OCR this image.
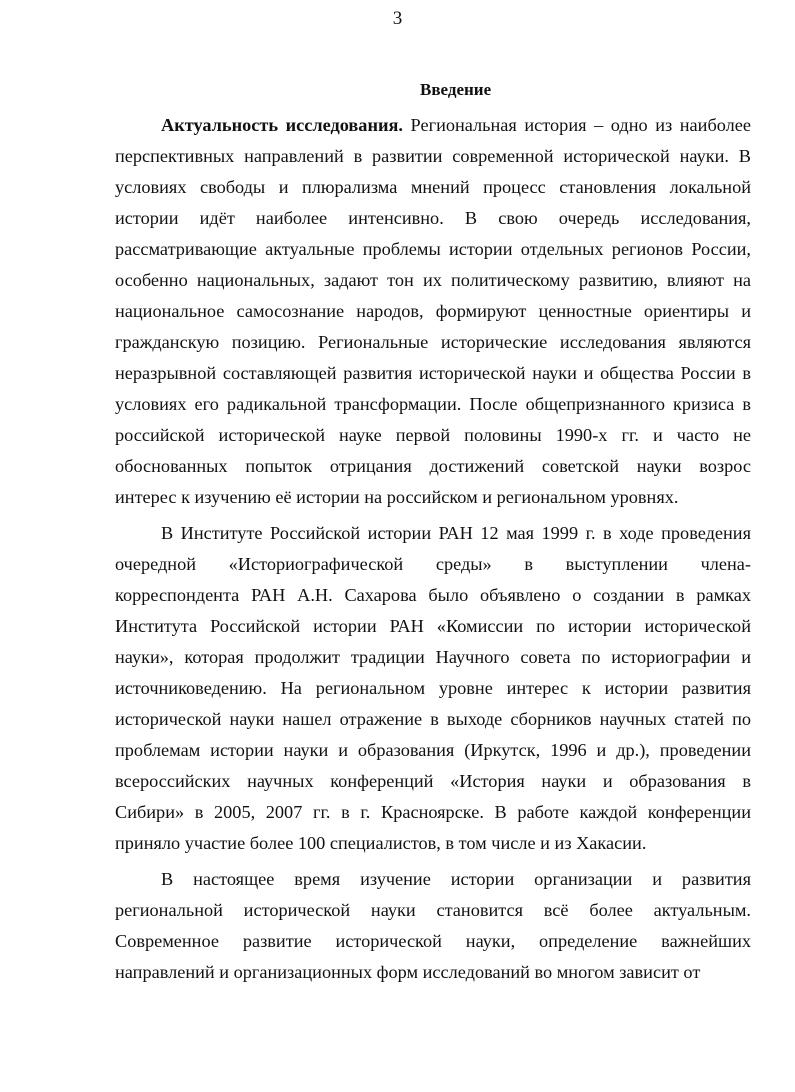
3
Введение
Актуальность исследования. Региональная история – одно из наиболее
перспективных направлений в развитии современной исторической науки. В
условиях свободы и плюрализма мнений процесс становления локальной
истории идёт наиболее интенсивно. В свою очередь исследования,
рассматривающие актуальные проблемы истории отдельных регионов России,
особенно национальных, задают тон их политическому развитию, влияют на
национальное самосознание народов, формируют ценностные ориентиры и
гражданскую позицию. Региональные исторические исследования являются
неразрывной составляющей развития исторической науки и общества России в
условиях его радикальной трансформации. После общепризнанного кризиса в
российской исторической науке первой половины 1990-х гг. и часто не
обоснованных попыток отрицания достижений советской науки возрос
интерес к изучению её истории на российском и региональном уровнях.
В Институте Российской истории РАН 12 мая 1999 г. в ходе проведения
очередной «Историографической среды» в выступлении члена-
корреспондента РАН А.Н. Сахарова было объявлено о создании в рамках
Института Российской истории РАН «Комиссии по истории исторической
науки», которая продолжит традиции Научного совета по историографии и
источниковедению. На региональном уровне интерес к истории развития
исторической науки нашел отражение в выходе сборников научных статей по
проблемам истории науки и образования (Иркутск, 1996 и др.), проведении
всероссийских научных конференций «История науки и образования в
Сибири» в 2005, 2007 гг. в г. Красноярске. В работе каждой конференции
приняло участие более 100 специалистов, в том числе и из Хакасии.
В настоящее время изучение истории организации и развития
региональной исторической науки становится всё более актуальным.
Современное развитие исторической науки, определение важнейших
направлений и организационных форм исследований во многом зависит от
